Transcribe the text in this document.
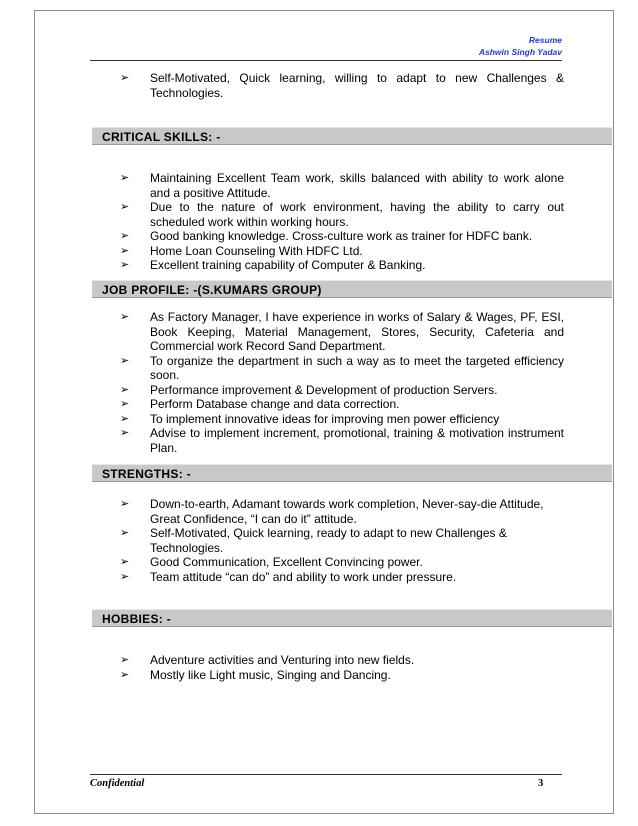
Resume
Ashwin Singh Yadav
➢ Self-Motivated, Quick learning, willing to adapt to new Challenges & Technologies.
CRITICAL SKILLS: -
➢ Maintaining Excellent Team work, skills balanced with ability to work alone and a positive Attitude.
➢ Due to the nature of work environment, having the ability to carry out scheduled work within working hours.
➢ Good banking knowledge. Cross-culture work as trainer for HDFC bank.
➢ Home Loan Counseling With HDFC Ltd.
➢ Excellent training capability of Computer & Banking.
JOB PROFILE: -(S.KUMARS GROUP)
➢ As Factory Manager, I have experience in works of Salary & Wages, PF, ESI, Book Keeping, Material Management, Stores, Security, Cafeteria and Commercial work Record Sand Department.
➢ To organize the department in such a way as to meet the targeted efficiency soon.
➢ Performance improvement & Development of production Servers.
➢ Perform Database change and data correction.
➢ To implement innovative ideas for improving men power efficiency
➢ Advise to implement increment, promotional, training & motivation instrument Plan.
STRENGTHS: -
➢ Down-to-earth, Adamant towards work completion, Never-say-die Attitude, Great Confidence, “I can do it” attitude.
➢ Self-Motivated, Quick learning, ready to adapt to new Challenges & Technologies.
➢ Good Communication, Excellent Convincing power.
➢ Team attitude “can do” and ability to work under pressure.
HOBBIES: -
➢ Adventure activities and Venturing into new fields.
➢ Mostly like Light music, Singing and Dancing.
Confidential	3
